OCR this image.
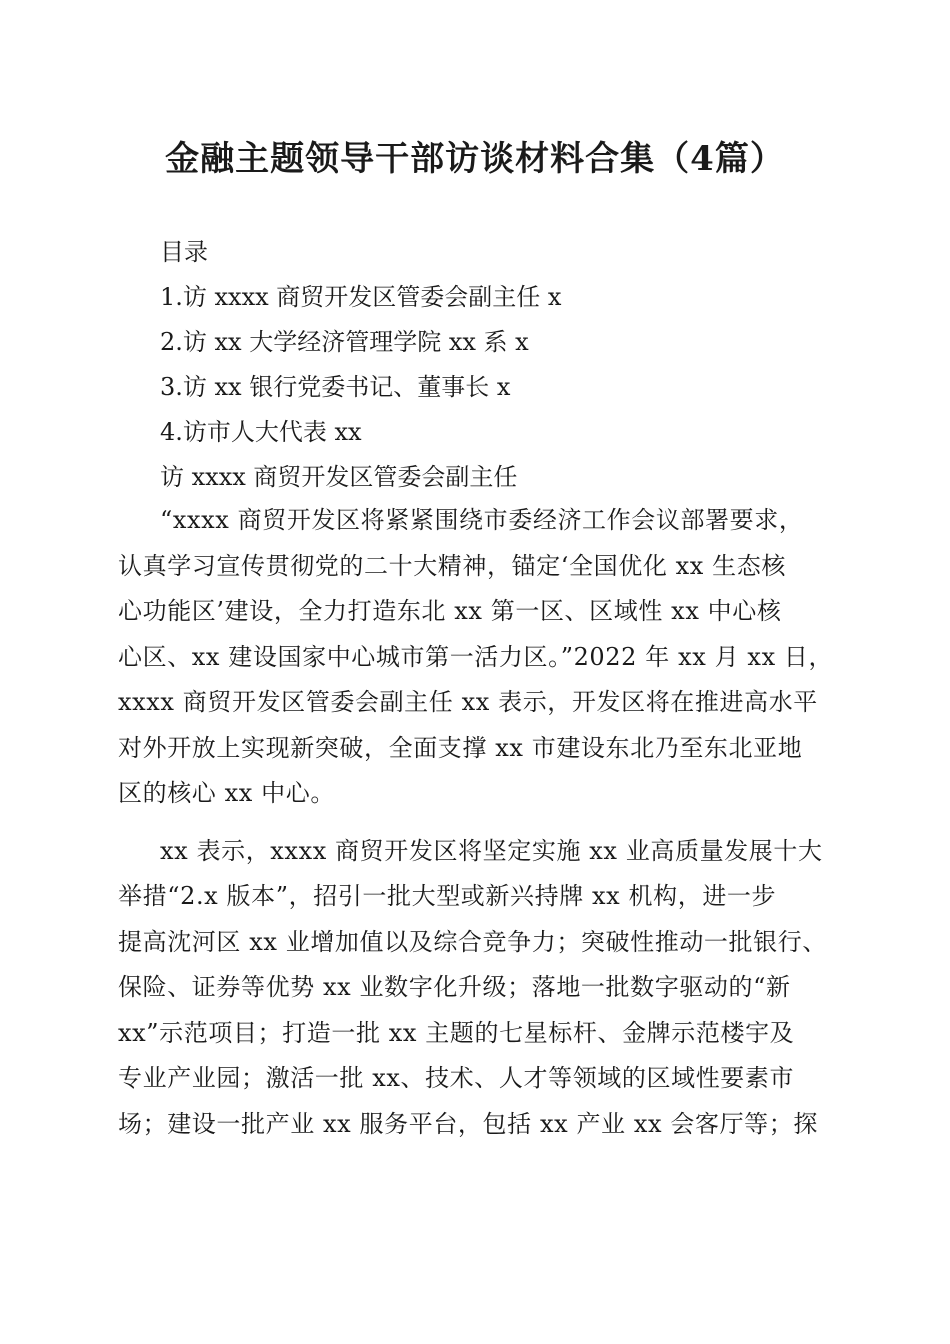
金融主题领导干部访谈材料合集（4篇）
目录
1.访 xxxx 商贸开发区管委会副主任 x
2.访 xx 大学经济管理学院 xx 系 x
3.访 xx 银行党委书记、董事长 x
4.访市人大代表 xx
访 xxxx 商贸开发区管委会副主任

“xxxx 商贸开发区将紧紧围绕市委经济工作会议部署要求，
认真学习宣传贯彻党的二十大精神，锚定‘全国优化 xx 生态核
心功能区’建设，全力打造东北 xx 第一区、区域性 xx 中心核
心区、xx 建设国家中心城市第一活力区。”2022 年 xx 月 xx 日，
xxxx 商贸开发区管委会副主任 xx 表示，开发区将在推进高水平
对外开放上实现新突破，全面支撑 xx 市建设东北乃至东北亚地
区的核心 xx 中心。

xx 表示，xxxx 商贸开发区将坚定实施 xx 业高质量发展十大
举措“2.x 版本”，招引一批大型或新兴持牌 xx 机构，进一步
提高沈河区 xx 业增加值以及综合竞争力；突破性推动一批银行、
保险、证券等优势 xx 业数字化升级；落地一批数字驱动的“新
xx”示范项目；打造一批 xx 主题的七星标杆、金牌示范楼宇及
专业产业园；激活一批 xx、技术、人才等领域的区域性要素市
场；建设一批产业 xx 服务平台，包括 xx 产业 xx 会客厅等；探
